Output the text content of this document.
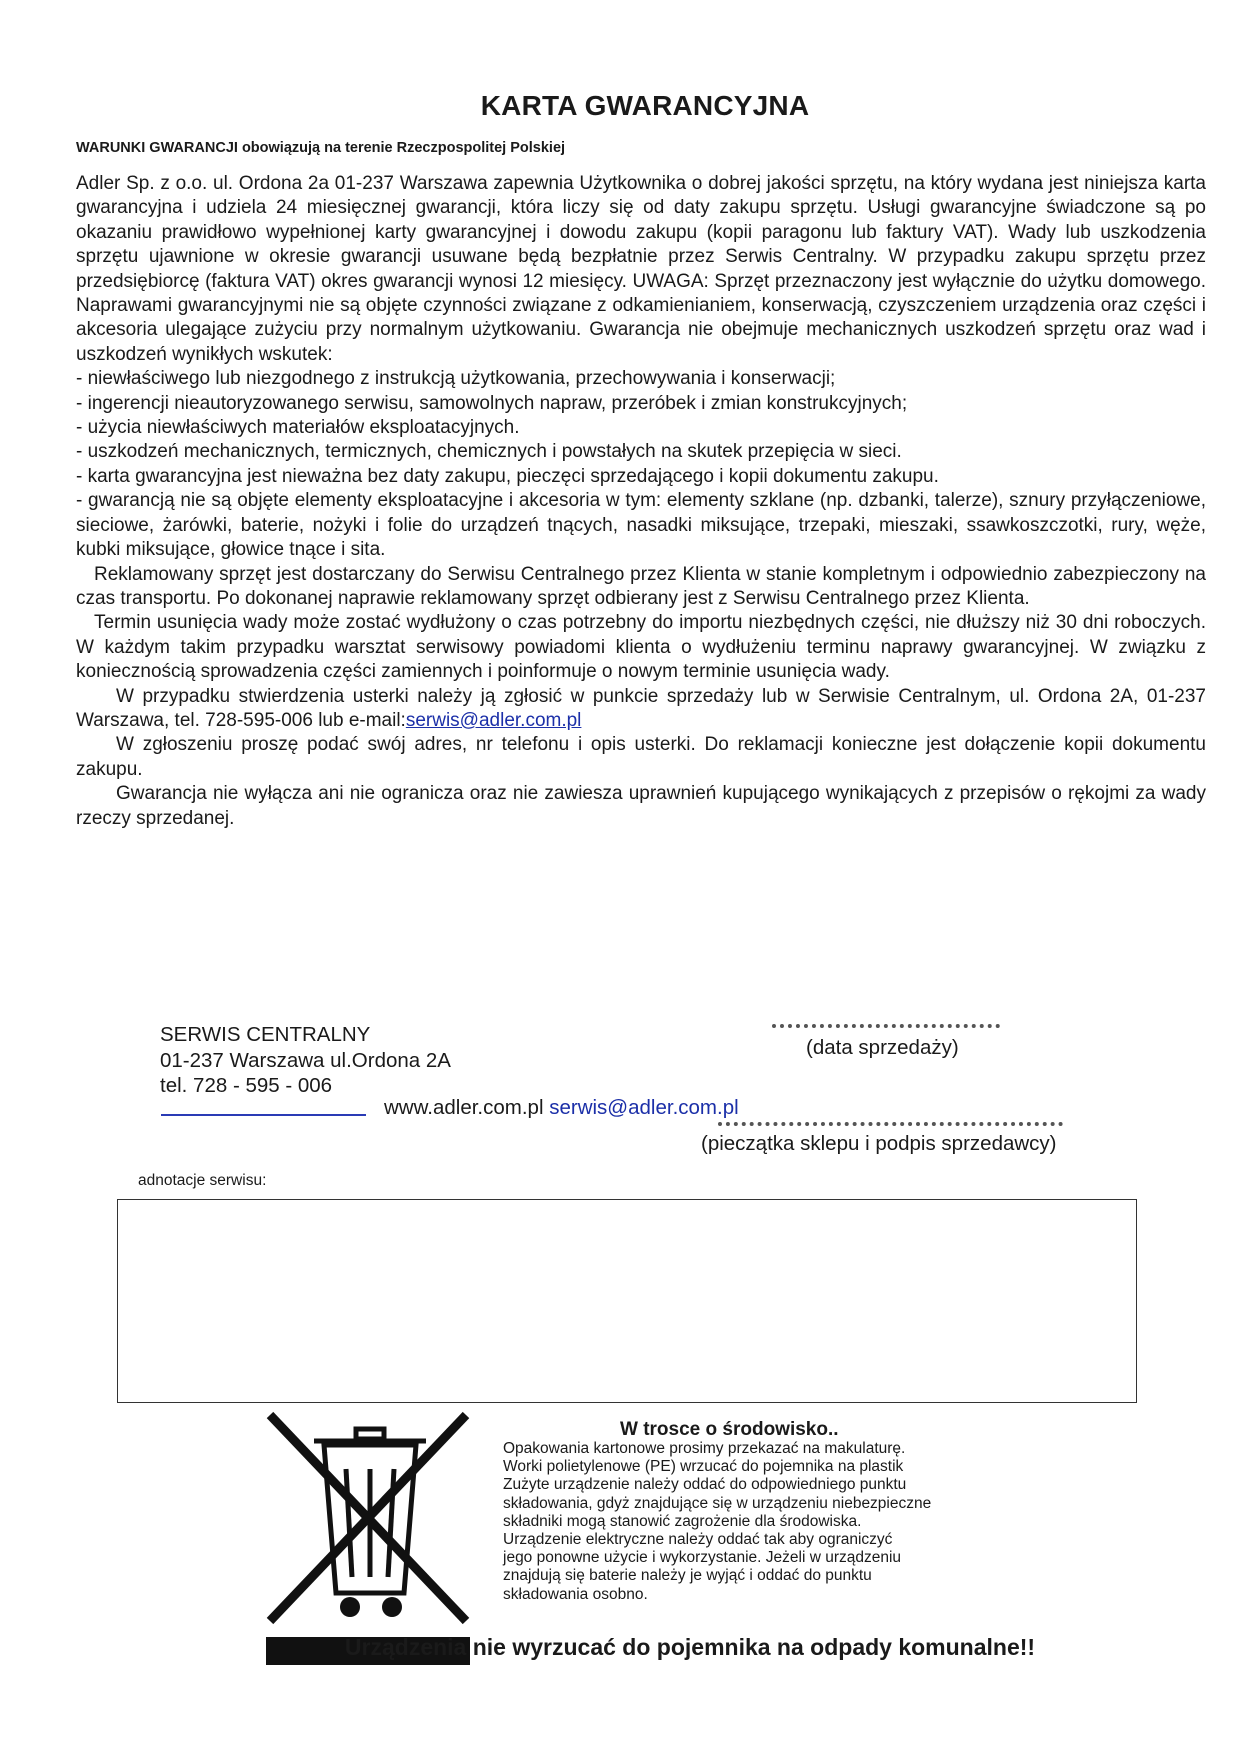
KARTA GWARANCYJNA
WARUNKI GWARANCJI obowiązują na terenie Rzeczpospolitej Polskiej

Adler Sp. z o.o. ul. Ordona 2a 01-237 Warszawa zapewnia Użytkownika o dobrej jakości sprzętu, na który wydana jest niniejsza karta gwarancyjna i udziela 24 miesięcznej gwarancji, która liczy się od daty zakupu sprzętu. Usługi gwarancyjne świadczone są po okazaniu prawidłowo wypełnionej karty gwarancyjnej i dowodu zakupu (kopii paragonu lub faktury VAT). Wady lub uszkodzenia sprzętu ujawnione w okresie gwarancji usuwane będą bezpłatnie przez Serwis Centralny. W przypadku zakupu sprzętu przez przedsiębiorcę (faktura VAT) okres gwarancji wynosi 12 miesięcy. UWAGA: Sprzęt przeznaczony jest wyłącznie do użytku domowego. Naprawami gwarancyjnymi nie są objęte czynności związane z odkamienianiem, konserwacją, czyszczeniem urządzenia oraz części i akcesoria ulegające zużyciu przy normalnym użytkowaniu. Gwarancja nie obejmuje mechanicznych uszkodzeń sprzętu oraz wad i uszkodzeń wynikłych wskutek:

- niewłaściwego lub niezgodnego z instrukcją użytkowania, przechowywania i konserwacji;

- ingerencji nieautoryzowanego serwisu, samowolnych napraw, przeróbek i zmian konstrukcyjnych;

- użycia niewłaściwych materiałów eksploatacyjnych.

- uszkodzeń mechanicznych, termicznych, chemicznych i powstałych na skutek przepięcia w sieci.

- karta gwarancyjna jest nieważna bez daty zakupu, pieczęci sprzedającego i kopii dokumentu zakupu.

- gwarancją nie są objęte elementy eksploatacyjne i akcesoria w tym: elementy szklane (np. dzbanki, talerze), sznury przyłączeniowe, sieciowe, żarówki, baterie, nożyki i folie do urządzeń tnących, nasadki miksujące, trzepaki, mieszaki, ssawkoszczotki, rury, węże, kubki miksujące, głowice tnące i sita.

Reklamowany sprzęt jest dostarczany do Serwisu Centralnego przez Klienta w stanie kompletnym i odpowiednio zabezpieczony na czas transportu. Po dokonanej naprawie reklamowany sprzęt odbierany jest z Serwisu Centralnego przez Klienta.

Termin usunięcia wady może zostać wydłużony o czas potrzebny do importu niezbędnych części, nie dłuższy niż 30 dni roboczych. W każdym takim przypadku warsztat serwisowy powiadomi klienta o wydłużeniu terminu naprawy gwarancyjnej. W związku z koniecznością sprowadzenia części zamiennych i poinformuje o nowym terminie usunięcia wady.

W przypadku stwierdzenia usterki należy ją zgłosić w punkcie sprzedaży lub w Serwisie Centralnym, ul. Ordona 2A, 01-237 Warszawa, tel. 728-595-006 lub e-mail:serwis@adler.com.pl

W zgłoszeniu proszę podać swój adres, nr telefonu i opis usterki. Do reklamacji konieczne jest dołączenie kopii dokumentu zakupu.

Gwarancja nie wyłącza ani nie ogranicza oraz nie zawiesza uprawnień kupującego wynikających z przepisów o rękojmi za wady rzeczy sprzedanej.

SERWIS CENTRALNY
01-237 Warszawa ul.Ordona 2A
tel. 728 - 595 - 006
www.adler.com.pl serwis@adler.com.pl
(data sprzedaży)
(pieczątka sklepu i podpis sprzedawcy)
adnotacje serwisu:
W trosce o środowisko..
Opakowania kartonowe prosimy przekazać na makulaturę.
Worki polietylenowe (PE) wrzucać do pojemnika na plastik
Zużyte urządzenie należy oddać do odpowiedniego punktu
składowania, gdyż znajdujące się w urządzeniu niebezpieczne
składniki mogą stanowić zagrożenie dla środowiska.
Urządzenie elektryczne należy oddać tak aby ograniczyć
jego ponowne użycie i wykorzystanie. Jeżeli w urządzeniu
znajdują się baterie należy je wyjąć i oddać do punktu
składowania osobno.
Urządzenia nie wyrzucać do pojemnika na odpady komunalne!!
